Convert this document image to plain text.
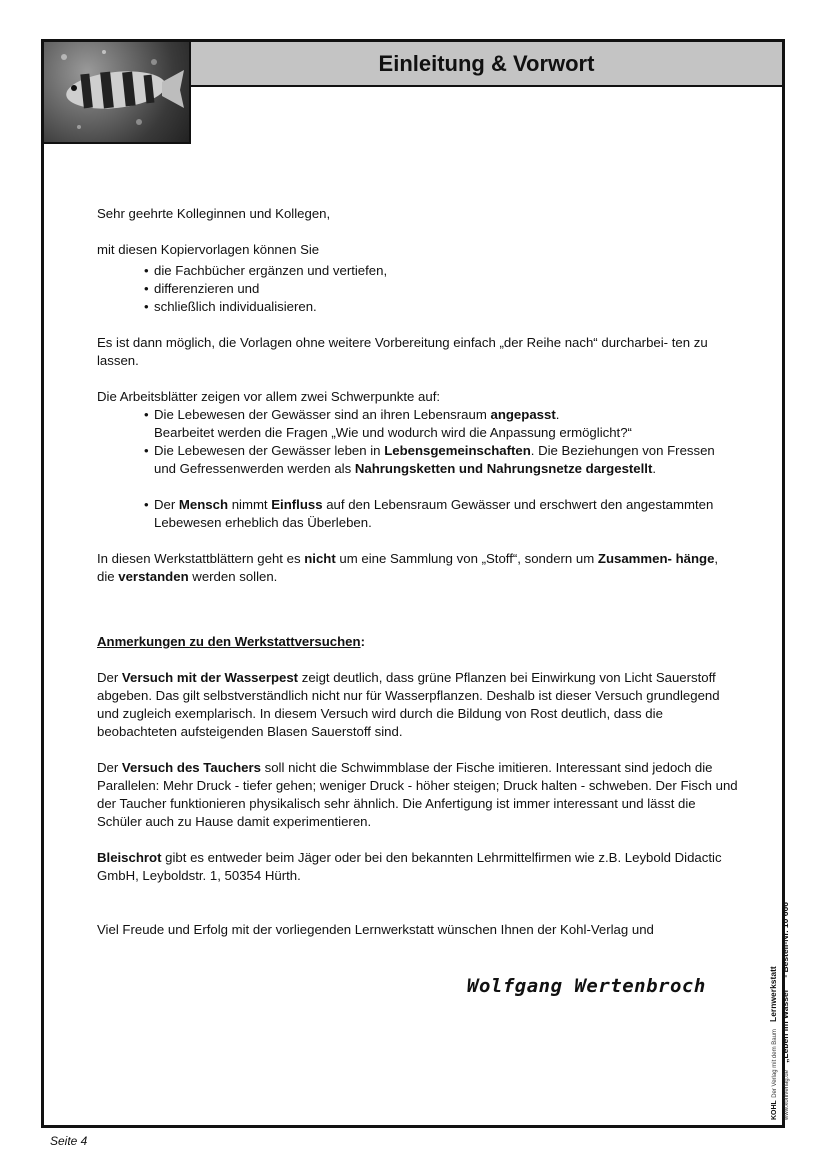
Einleitung & Vorwort

Sehr geehrte Kolleginnen und Kollegen,

mit diesen Kopiervorlagen können Sie

• die Fachbücher ergänzen und vertiefen,
• differenzieren und
• schließlich individualisieren.

Es ist dann möglich, die Vorlagen ohne weitere Vorbereitung einfach „der Reihe nach“ durcharbei- ten zu lassen.

Die Arbeitsblätter zeigen vor allem zwei Schwerpunkte auf:

• Die Lebewesen der Gewässer sind an ihren Lebensraum angepasst.
Bearbeitet werden die Fragen „Wie und wodurch wird die Anpassung ermöglicht?“
• Die Lebewesen der Gewässer leben in Lebensgemeinschaften. Die Beziehungen von Fressen und Gefressenwerden werden als Nahrungsketten und Nahrungsnetze dargestellt.
• Der Mensch nimmt Einfluss auf den Lebensraum Gewässer und erschwert den angestammten Lebewesen erheblich das Überleben.

In diesen Werkstattblättern geht es nicht um eine Sammlung von „Stoff“, sondern um Zusammen- hänge, die verstanden werden sollen.

Anmerkungen zu den Werkstattversuchen:

Der Versuch mit der Wasserpest zeigt deutlich, dass grüne Pflanzen bei Einwirkung von Licht Sauerstoff abgeben. Das gilt selbstverständlich nicht nur für Wasserpflanzen. Deshalb ist dieser Versuch grundlegend und zugleich exemplarisch. In diesem Versuch wird durch die Bildung von Rost deutlich, dass die beobachteten aufsteigenden Blasen Sauerstoff sind.

Der Versuch des Tauchers soll nicht die Schwimmblase der Fische imitieren. Interessant sind jedoch die Parallelen: Mehr Druck - tiefer gehen; weniger Druck - höher steigen; Druck halten - schweben. Der Fisch und der Taucher funktionieren physikalisch sehr ähnlich. Die Anfertigung ist immer interessant und lässt die Schüler auch zu Hause damit experimentieren.

Bleischrot gibt es entweder beim Jäger oder bei den bekannten Lehrmittelfirmen wie z.B. Leybold Didactic GmbH, Leyboldstr. 1, 50354 Hürth.

Viel Freude und Erfolg mit der vorliegenden Lernwerkstatt wünschen Ihnen der Kohl-Verlag und

Wolfgang Wertenbroch
KOHL Der Verlag mit dem Baum   Lernwerkstatt
www.kohlverlag.de   „Leben im Wasser“   - Bestell-Nr. 10 666
Seite 4
